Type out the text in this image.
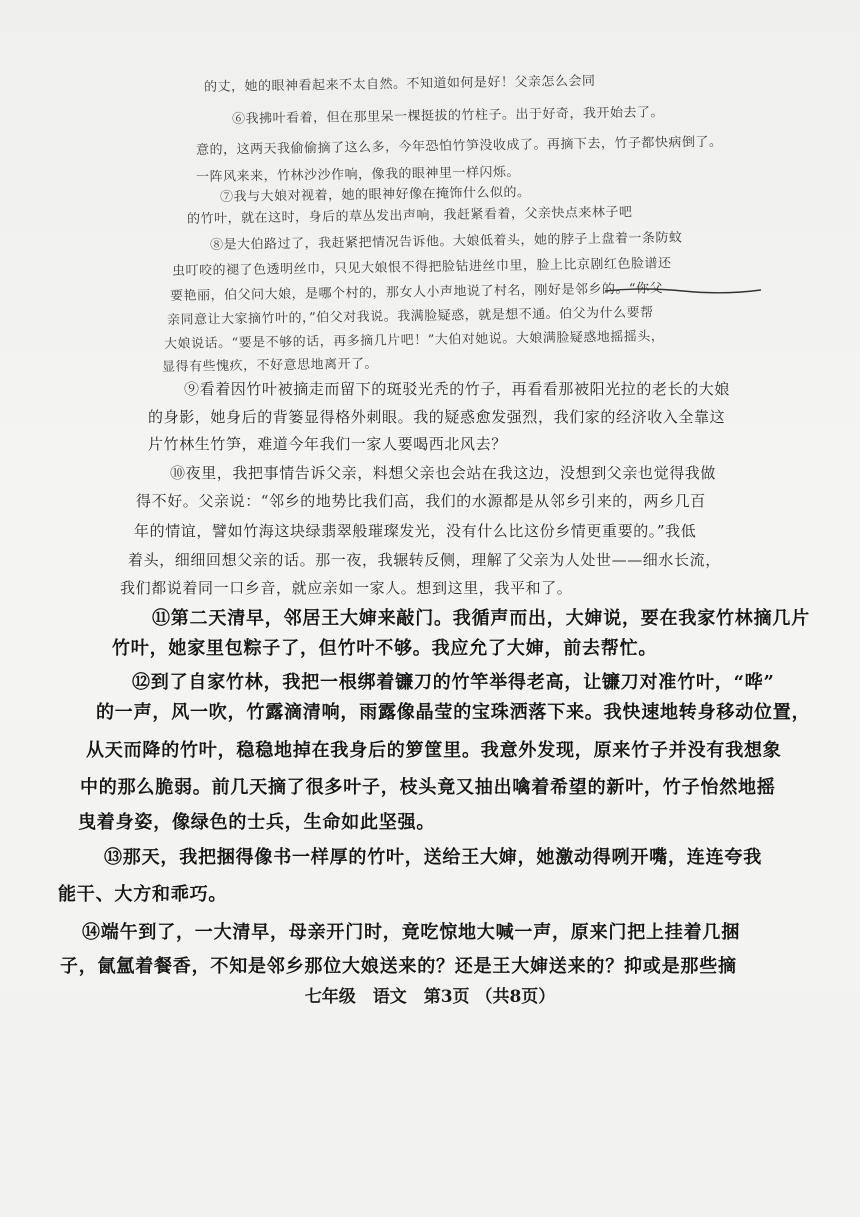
的丈，她的眼神看起来不太自然。不知道如何是好！父亲怎么会同
⑥我拂叶看着，但在那里呆一棵挺拔的竹柱子。出于好奇，我开始去了。
意的，这两天我偷偷摘了这么多，今年恐怕竹笋没收成了。再摘下去，竹子都快病倒了。
一阵风来来，竹林沙沙作响，像我的眼神里一样闪烁。
⑦我与大娘对视着，她的眼神好像在掩饰什么似的。
的竹叶，就在这时，身后的草丛发出声响，我赶紧看着，父亲快点来林子吧
⑧是大伯路过了，我赶紧把情况告诉他。大娘低着头，她的脖子上盘着一条防蚊
虫叮咬的褪了色透明丝巾，只见大娘恨不得把脸钻进丝巾里，脸上比京剧红色脸谱还
要艳丽，伯父问大娘，是哪个村的，那女人小声地说了村名，刚好是邻乡的。“你父
亲同意让大家摘竹叶的，”伯父对我说。我满脸疑惑，就是想不通。伯父为什么要帮
大娘说话。“要是不够的话，再多摘几片吧！”大伯对她说。大娘满脸疑惑地摇摇头，
显得有些愧疚，不好意思地离开了。
⑨看着因竹叶被摘走而留下的斑驳光秃的竹子，再看看那被阳光拉的老长的大娘
的身影，她身后的背篓显得格外刺眼。我的疑惑愈发强烈，我们家的经济收入全靠这
片竹林生竹笋，难道今年我们一家人要喝西北风去？
⑩夜里，我把事情告诉父亲，料想父亲也会站在我这边，没想到父亲也觉得我做
得不好。父亲说：“邻乡的地势比我们高，我们的水源都是从邻乡引来的，两乡几百
年的情谊，譬如竹海这块绿翡翠般璀璨发光，没有什么比这份乡情更重要的。”我低
着头，细细回想父亲的话。那一夜，我辗转反侧，理解了父亲为人处世——细水长流，
我们都说着同一口乡音，就应亲如一家人。想到这里，我平和了。
⑪第二天清早，邻居王大婶来敲门。我循声而出，大婶说，要在我家竹林摘几片
竹叶，她家里包粽子了，但竹叶不够。我应允了大婶，前去帮忙。
⑫到了自家竹林，我把一根绑着镰刀的竹竿举得老高，让镰刀对准竹叶，“哗”
的一声，风一吹，竹露滴清响，雨露像晶莹的宝珠洒落下来。我快速地转身移动位置，
从天而降的竹叶，稳稳地掉在我身后的箩筐里。我意外发现，原来竹子并没有我想象
中的那么脆弱。前几天摘了很多叶子，枝头竟又抽出噙着希望的新叶，竹子怡然地摇
曳着身姿，像绿色的士兵，生命如此坚强。
⑬那天，我把捆得像书一样厚的竹叶，送给王大婶，她激动得咧开嘴，连连夸我
能干、大方和乖巧。
⑭端午到了，一大清早，母亲开门时，竟吃惊地大喊一声，原来门把上挂着几捆
子，氤氲着餐香，不知是邻乡那位大娘送来的？还是王大婶送来的？抑或是那些摘
七年级　语文　第3页 （共8页）
